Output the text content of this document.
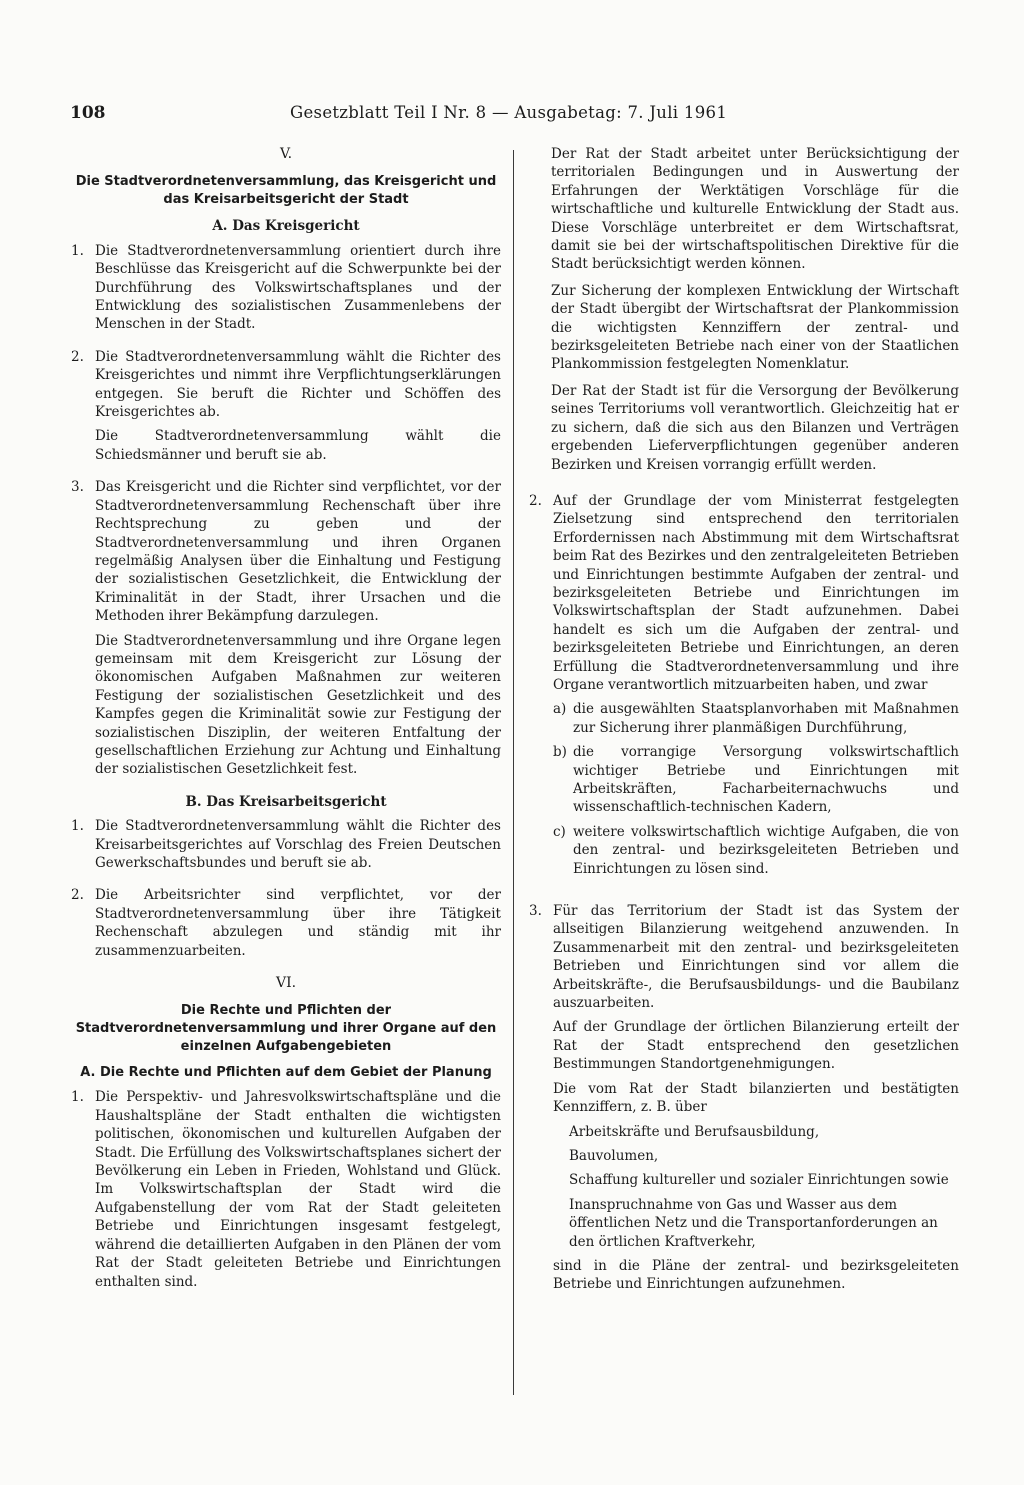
108	Gesetzblatt Teil I Nr. 8 — Ausgabetag: 7. Juli 1961
V.
Die Stadtverordnetenversammlung, das Kreisgericht und das Kreisarbeitsgericht der Stadt
A. Das Kreisgericht
1. Die Stadtverordnetenversammlung orientiert durch ihre Beschlüsse das Kreisgericht auf die Schwerpunkte bei der Durchführung des Volkswirtschaftsplanes und der Entwicklung des sozialistischen Zusammenlebens der Menschen in der Stadt.

2. Die Stadtverordnetenversammlung wählt die Richter des Kreisgerichtes und nimmt ihre Verpflichtungserklärungen entgegen. Sie beruft die Richter und Schöffen des Kreisgerichtes ab.

Die Stadtverordnetenversammlung wählt die Schiedsmänner und beruft sie ab.

3. Das Kreisgericht und die Richter sind verpflichtet, vor der Stadtverordnetenversammlung Rechenschaft über ihre Rechtsprechung zu geben und der Stadtverordnetenversammlung und ihren Organen regelmäßig Analysen über die Einhaltung und Festigung der sozialistischen Gesetzlichkeit, die Entwicklung der Kriminalität in der Stadt, ihrer Ursachen und die Methoden ihrer Bekämpfung darzulegen.

Die Stadtverordnetenversammlung und ihre Organe legen gemeinsam mit dem Kreisgericht zur Lösung der ökonomischen Aufgaben Maßnahmen zur weiteren Festigung der sozialistischen Gesetzlichkeit und des Kampfes gegen die Kriminalität sowie zur Festigung der sozialistischen Disziplin, der weiteren Entfaltung der gesellschaftlichen Erziehung zur Achtung und Einhaltung der sozialistischen Gesetzlichkeit fest.

B. Das Kreisarbeitsgericht
1. Die Stadtverordnetenversammlung wählt die Richter des Kreisarbeitsgerichtes auf Vorschlag des Freien Deutschen Gewerkschaftsbundes und beruft sie ab.

2. Die Arbeitsrichter sind verpflichtet, vor der Stadtverordnetenversammlung über ihre Tätigkeit Rechenschaft abzulegen und ständig mit ihr zusammenzuarbeiten.

VI.
Die Rechte und Pflichten der Stadtverordnetenversammlung und ihrer Organe auf den einzelnen Aufgabengebieten
A. Die Rechte und Pflichten auf dem Gebiet der Planung
1. Die Perspektiv- und Jahresvolkswirtschaftspläne und die Haushaltspläne der Stadt enthalten die wichtigsten politischen, ökonomischen und kulturellen Aufgaben der Stadt. Die Erfüllung des Volkswirtschaftsplanes sichert der Bevölkerung ein Leben in Frieden, Wohlstand und Glück. Im Volkswirtschaftsplan der Stadt wird die Aufgabenstellung der vom Rat der Stadt geleiteten Betriebe und Einrichtungen insgesamt festgelegt, während die detaillierten Aufgaben in den Plänen der vom Rat der Stadt geleiteten Betriebe und Einrichtungen enthalten sind.

Der Rat der Stadt arbeitet unter Berücksichtigung der territorialen Bedingungen und in Auswertung der Erfahrungen der Werktätigen Vorschläge für die wirtschaftliche und kulturelle Entwicklung der Stadt aus. Diese Vorschläge unterbreitet er dem Wirtschaftsrat, damit sie bei der wirtschaftspolitischen Direktive für die Stadt berücksichtigt werden können.
Zur Sicherung der komplexen Entwicklung der Wirtschaft der Stadt übergibt der Wirtschaftsrat der Plankommission die wichtigsten Kennziffern der zentral- und bezirksgeleiteten Betriebe nach einer von der Staatlichen Plankommission festgelegten Nomenklatur.
Der Rat der Stadt ist für die Versorgung der Bevölkerung seines Territoriums voll verantwortlich. Gleichzeitig hat er zu sichern, daß die sich aus den Bilanzen und Verträgen ergebenden Lieferverpflichtungen gegenüber anderen Bezirken und Kreisen vorrangig erfüllt werden.
2. Auf der Grundlage der vom Ministerrat festgelegten Zielsetzung sind entsprechend den territorialen Erfordernissen nach Abstimmung mit dem Wirtschaftsrat beim Rat des Bezirkes und den zentralgeleiteten Betrieben und Einrichtungen bestimmte Aufgaben der zentral- und bezirksgeleiteten Betriebe und Einrichtungen im Volkswirtschaftsplan der Stadt aufzunehmen. Dabei handelt es sich um die Aufgaben der zentral- und bezirksgeleiteten Betriebe und Einrichtungen, an deren Erfüllung die Stadtverordnetenversammlung und ihre Organe verantwortlich mitzuarbeiten haben, und zwar

a) die ausgewählten Staatsplanvorhaben mit Maßnahmen zur Sicherung ihrer planmäßigen Durchführung,
b) die vorrangige Versorgung volkswirtschaftlich wichtiger Betriebe und Einrichtungen mit Arbeitskräften, Facharbeiternachwuchs und wissenschaftlich-technischen Kadern,
c) weitere volkswirtschaftlich wichtige Aufgaben, die von den zentral- und bezirksgeleiteten Betrieben und Einrichtungen zu lösen sind.
3. Für das Territorium der Stadt ist das System der allseitigen Bilanzierung weitgehend anzuwenden. In Zusammenarbeit mit den zentral- und bezirksgeleiteten Betrieben und Einrichtungen sind vor allem die Arbeitskräfte-, die Berufsausbildungs- und die Baubilanz auszuarbeiten.

Auf der Grundlage der örtlichen Bilanzierung erteilt der Rat der Stadt entsprechend den gesetzlichen Bestimmungen Standortgenehmigungen.

Die vom Rat der Stadt bilanzierten und bestätigten Kennziffern, z. B. über

Arbeitskräfte und Berufsausbildung,
Bauvolumen,
Schaffung kultureller und sozialer Einrichtungen sowie
Inanspruchnahme von Gas und Wasser aus dem öffentlichen Netz und die Transportanforderungen an den örtlichen Kraftverkehr,

sind in die Pläne der zentral- und bezirksgeleiteten Betriebe und Einrichtungen aufzunehmen.
